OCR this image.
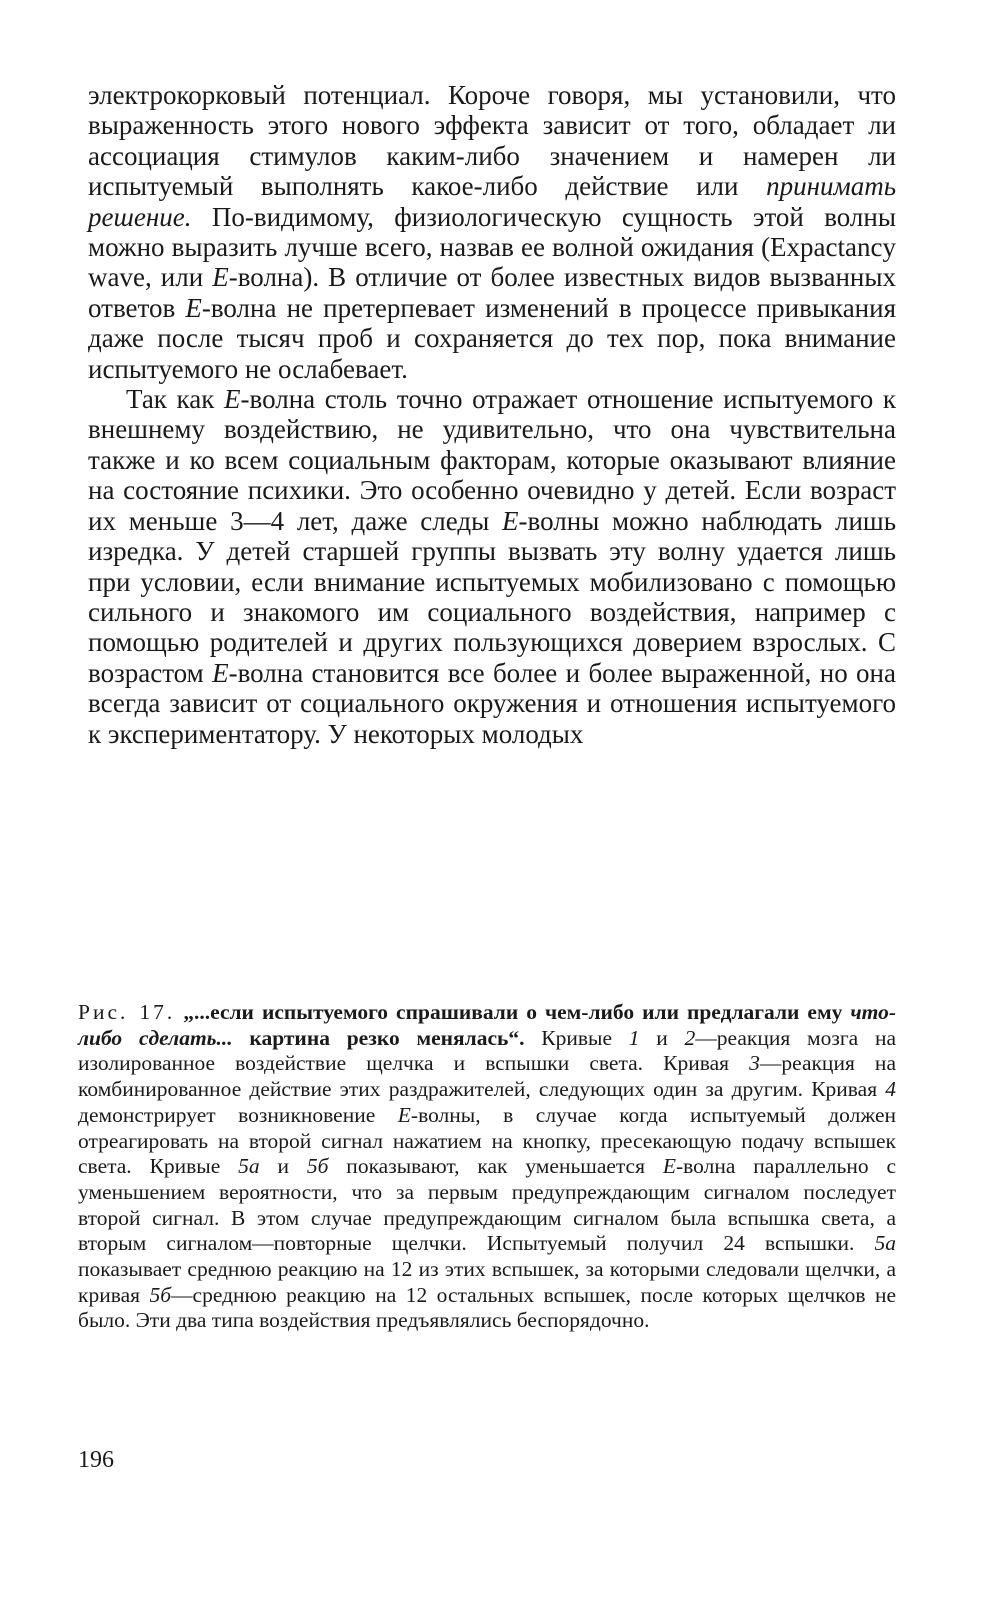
электрокорковый потенциал. Короче говоря, мы установили, что выраженность этого нового эффекта зависит от того, обладает ли ассоциация стимулов каким-либо значением и намерен ли испытуемый выполнять какое-либо действие или принимать решение. По-видимому, физиологическую сущность этой волны можно выразить лучше всего, назвав ее волной ожидания (Expactancy wave, или E-волна). В отличие от более известных видов вызванных ответов E-волна не претерпевает изменений в процессе привыкания даже после тысяч проб и сохраняется до тех пор, пока внимание испытуемого не ослабевает.

Так как E-волна столь точно отражает отношение испытуемого к внешнему воздействию, не удивительно, что она чувствительна также и ко всем социальным факторам, которые оказывают влияние на состояние психики. Это особенно очевидно у детей. Если возраст их меньше 3—4 лет, даже следы E-волны можно наблюдать лишь изредка. У детей старшей группы вызвать эту волну удается лишь при условии, если внимание испытуемых мобилизовано с помощью сильного и знакомого им социального воздействия, например с помощью родителей и других пользующихся доверием взрослых. С возрастом E-волна становится все более и более выраженной, но она всегда зависит от социального окружения и отношения испытуемого к экспериментатору. У некоторых молодых

Рис. 17. „...если испытуемого спрашивали о чем-либо или предлагали ему что-либо сделать... картина резко менялась“. Кривые 1 и 2—реакция мозга на изолированное воздействие щелчка и вспышки света. Кривая 3—реакция на комбинированное действие этих раздражителей, следующих один за другим. Кривая 4 демонстрирует возникновение E-волны, в случае когда испытуемый должен отреагировать на второй сигнал нажатием на кнопку, пресекающую подачу вспышек света. Кривые 5а и 5б показывают, как уменьшается E-волна параллельно с уменьшением вероятности, что за первым предупреждающим сигналом последует второй сигнал. В этом случае предупреждающим сигналом была вспышка света, а вторым сигналом—повторные щелчки. Испытуемый получил 24 вспышки. 5а показывает среднюю реакцию на 12 из этих вспышек, за которыми следовали щелчки, а кривая 5б—среднюю реакцию на 12 остальных вспышек, после которых щелчков не было. Эти два типа воздействия предъявлялись беспорядочно.
196
